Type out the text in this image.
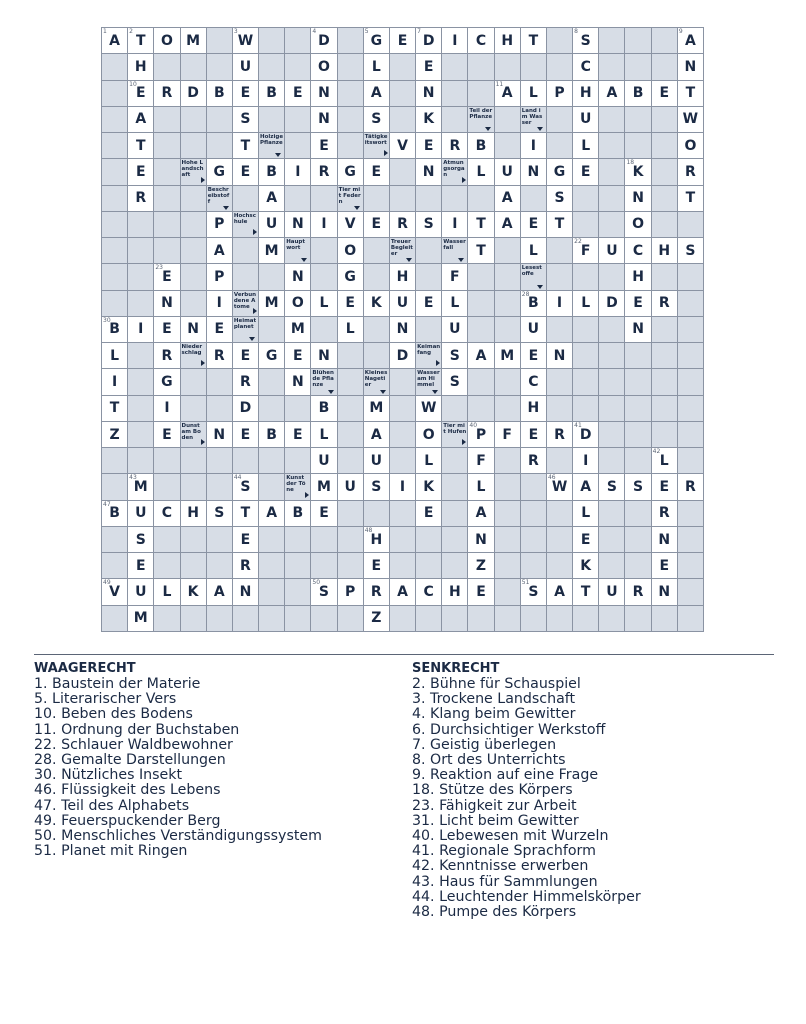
1
A
2
T	O M
3
W
4
D
5
G	E
7
D	I	C	H	T
8
S
9
A
H	U	O	L	E	C	N
10
E	R	D	B	E	B	E	N	A	N
11
A	L	P	H	A	B	E	T
A	S	N	S	K
Teil der Pflanze
Land im Wasser	U	W
T	T
Holzige Pflanze	E
Tätigkeitswort V	E	R	B	I	L	O
E
Hohe Landschaft	G	E	B	I	R	G	E	N
Atmungsorgan	L	U	N	G	E
18
K	R
R
Beschreibstoff	A
Tier mit Federn	A	S	N	T
P
Hochschule	U	N	I	V	E	R	S	I	T	A	E	T	O
A	M
Hauptwort	O
Treuer Begleiter
Wasserfall	T	L
22
F	U	C	H	S
23
E	P	N	G	H	F
Lesestoffe	H
N	I
Verbundene Atome	M O	L	E	K	U	E	L
28
B	I	L	D	E	R
30
B	I	E	N	E
Heimatplanet	M	L	N	U	U	N
L	R
Niederschlag R	E	G	E	N	D
Keimanfang	S	A M	E	N
I	G	R	N
Blühende Pflanze
Kleines Nagetier
Wasser am Himmel	S	C
T	I	D	B	M	W	H
Z	E
Dunst am Boden	N	E	B	E	L	A	O
Tier mit Hufen
40
P	F	E	R
41
D
U	U	L	F	R	I
42
L
43
M
44
S
Kunst der Töne	M U	S	I	K	L
46
W A	S	S	E	R
47
B	U	C	H	S	T	A	B	E	E	A	L	R
S	E
48
H	N	E	N
E	R	E	Z	K	E
49
V	U	L	K	A	N
50
S	P	R	A	C	H	E
51
S	A	T	U	R	N
M	Z
WAAGERECHT
1. Baustein der Materie
5. Literarischer Vers
10. Beben des Bodens
11. Ordnung der Buchstaben
22. Schlauer Waldbewohner
28. Gemalte Darstellungen
30. Nützliches Insekt
46. Flüssigkeit des Lebens
47. Teil des Alphabets
49. Feuerspuckender Berg
50. Menschliches Verständigungssystem
51. Planet mit Ringen
SENKRECHT
2. Bühne für Schauspiel
3. Trockene Landschaft
4. Klang beim Gewitter
6. Durchsichtiger Werkstoff
7. Geistig überlegen
8. Ort des Unterrichts
9. Reaktion auf eine Frage
18. Stütze des Körpers
23. Fähigkeit zur Arbeit
31. Licht beim Gewitter
40. Lebewesen mit Wurzeln
41. Regionale Sprachform
42. Kenntnisse erwerben
43. Haus für Sammlungen
44. Leuchtender Himmelskörper
48. Pumpe des Körpers
